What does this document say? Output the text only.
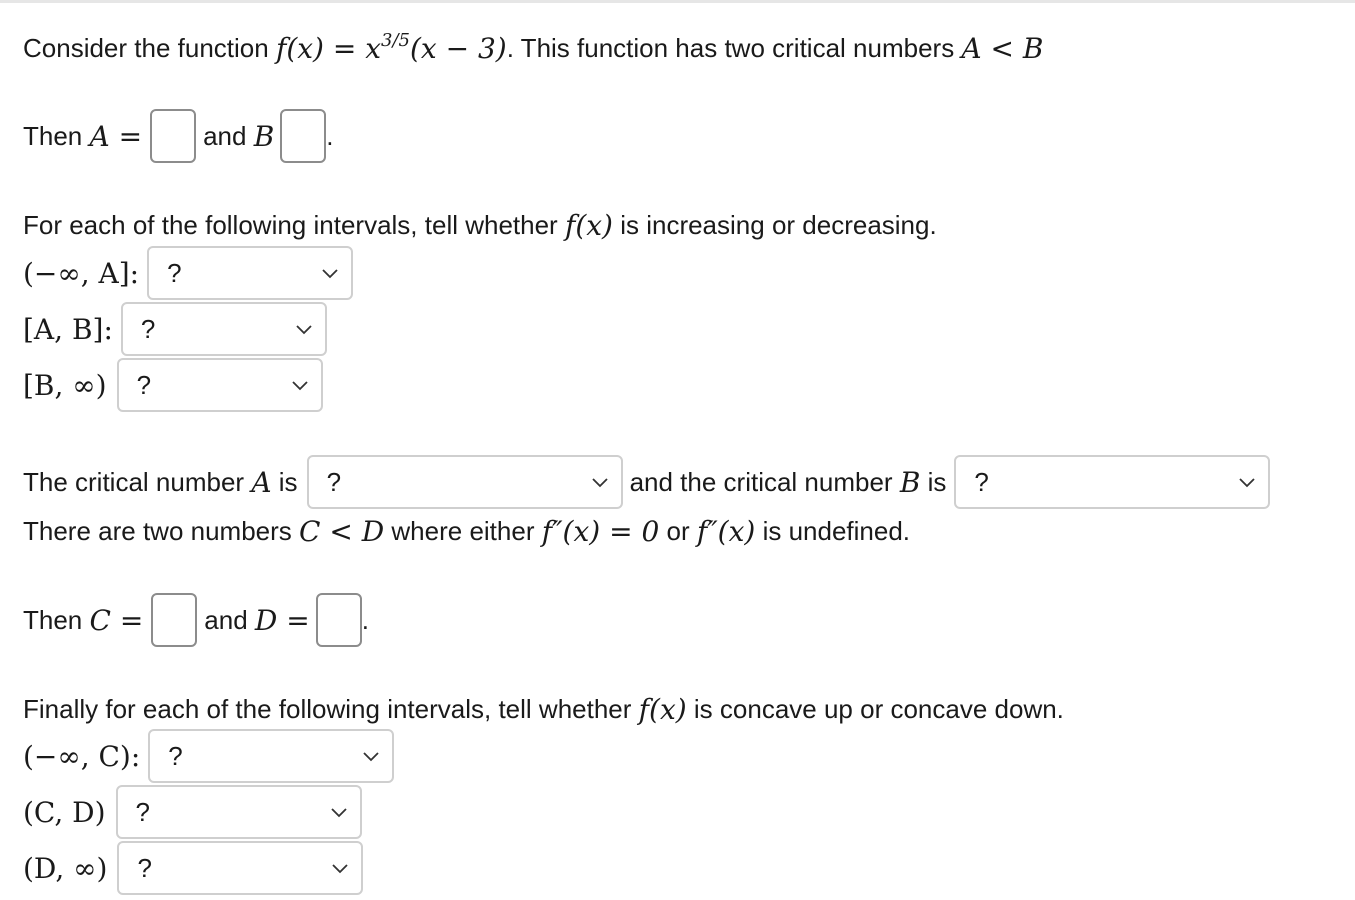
Consider the function
$f(x) = x^{3/5}(x - 3)$ . This function has two critical numbers
A < B
Then
A = and
B .
For each of the following intervals, tell whether
f(x)
is increasing or decreasing.
(−∞, A]: ?
[A, B]: ?
[B, ∞) ?
The critical number
A
is ?	and the critical number
B
is ?
There are two numbers
C < D
where either
f″(x) = 0
or
f″(x)
is undefined.
Then
C = and
D = .
Finally for each of the following intervals, tell whether
f(x)
is concave up or concave down.
(−∞, C): ?
(C, D) ?
(D, ∞) ?
